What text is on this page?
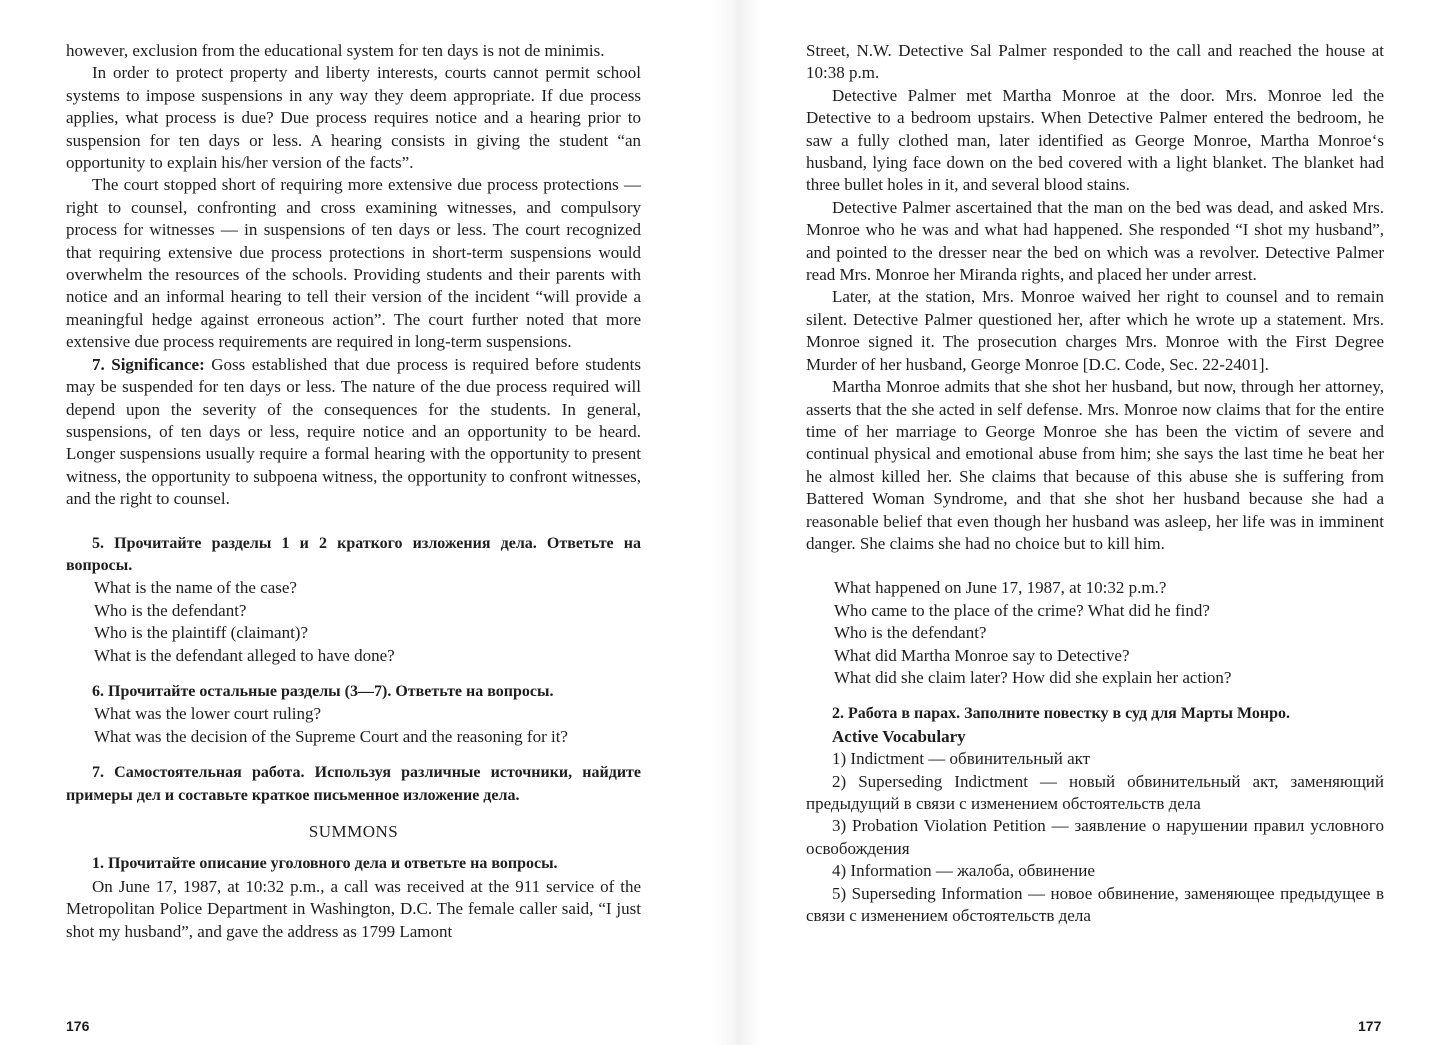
however, exclusion from the educational system for ten days is not de minimis.

In order to protect property and liberty interests, courts cannot permit school systems to impose suspensions in any way they deem appropriate. If due process applies, what process is due? Due process requires notice and a hearing prior to suspension for ten days or less. A hearing consists in giving the student “an opportunity to explain his/her version of the facts”.

The court stopped short of requiring more extensive due process protections — right to counsel, confronting and cross examining witnesses, and compulsory process for witnesses — in suspensions of ten days or less. The court recognized that requiring extensive due process protections in short-term suspensions would overwhelm the resources of the schools. Providing students and their parents with notice and an informal hearing to tell their version of the incident “will provide a meaningful hedge against erroneous action”. The court further noted that more extensive due process requirements are required in long-term suspensions.

7. Significance: Goss established that due process is required before students may be suspended for ten days or less. The nature of the due process required will depend upon the severity of the consequences for the students. In general, suspensions, of ten days or less, require notice and an opportunity to be heard. Longer suspensions usually require a formal hearing with the opportunity to present witness, the opportunity to subpoena witness, the opportunity to confront witnesses, and the right to counsel.

5. Прочитайте разделы 1 и 2 краткого изложения дела. Ответьте на вопросы.

What is the name of the case?

Who is the defendant?

Who is the plaintiff (claimant)?

What is the defendant alleged to have done?

6. Прочитайте остальные разделы (3—7). Ответьте на вопросы.

What was the lower court ruling?

What was the decision of the Supreme Court and the reasoning for it?

7. Самостоятельная работа. Используя различные источники, найдите примеры дел и составьте краткое письменное изложение дела.

SUMMONS

1. Прочитайте описание уголовного дела и ответьте на вопросы.

On June 17, 1987, at 10:32 p.m., a call was received at the 911 service of the Metropolitan Police Department in Washington, D.C. The female caller said, “I just shot my husband”, and gave the address as 1799 Lamont

Street, N.W. Detective Sal Palmer responded to the call and reached the house at 10:38 p.m.

Detective Palmer met Martha Monroe at the door. Mrs. Monroe led the Detective to a bedroom upstairs. When Detective Palmer entered the bedroom, he saw a fully clothed man, later identified as George Monroe, Martha Monroe‘s husband, lying face down on the bed covered with a light blanket. The blanket had three bullet holes in it, and several blood stains.

Detective Palmer ascertained that the man on the bed was dead, and asked Mrs. Monroe who he was and what had happened. She responded “I shot my husband”, and pointed to the dresser near the bed on which was a revolver. Detective Palmer read Mrs. Monroe her Miranda rights, and placed her under arrest.

Later, at the station, Mrs. Monroe waived her right to counsel and to remain silent. Detective Palmer questioned her, after which he wrote up a statement. Mrs. Monroe signed it. The prosecution charges Mrs. Monroe with the First Degree Murder of her husband, George Monroe [D.C. Code, Sec. 22-2401].

Martha Monroe admits that she shot her husband, but now, through her attorney, asserts that the she acted in self defense. Mrs. Monroe now claims that for the entire time of her marriage to George Monroe she has been the victim of severe and continual physical and emotional abuse from him; she says the last time he beat her he almost killed her. She claims that because of this abuse she is suffering from Battered Woman Syndrome, and that she shot her husband because she had a reasonable belief that even though her husband was asleep, her life was in imminent danger. She claims she had no choice but to kill him.

What happened on June 17, 1987, at 10:32 p.m.?

Who came to the place of the crime? What did he find?

Who is the defendant?

What did Martha Monroe say to Detective?

What did she claim later? How did she explain her action?

2. Работа в парах. Заполните повестку в суд для Марты Монро.

Active Vocabulary

1) Indictment — обвинительный акт

2) Superseding Indictment — новый обвинительный акт, заменяющий предыдущий в связи с изменением обстоятельств дела

3) Probation Violation Petition — заявление о нарушении правил условного освобождения

4) Information — жалоба, обвинение

5) Superseding Information — новое обвинение, заменяющее предыдущее в связи с изменением обстоятельств дела

176	177
